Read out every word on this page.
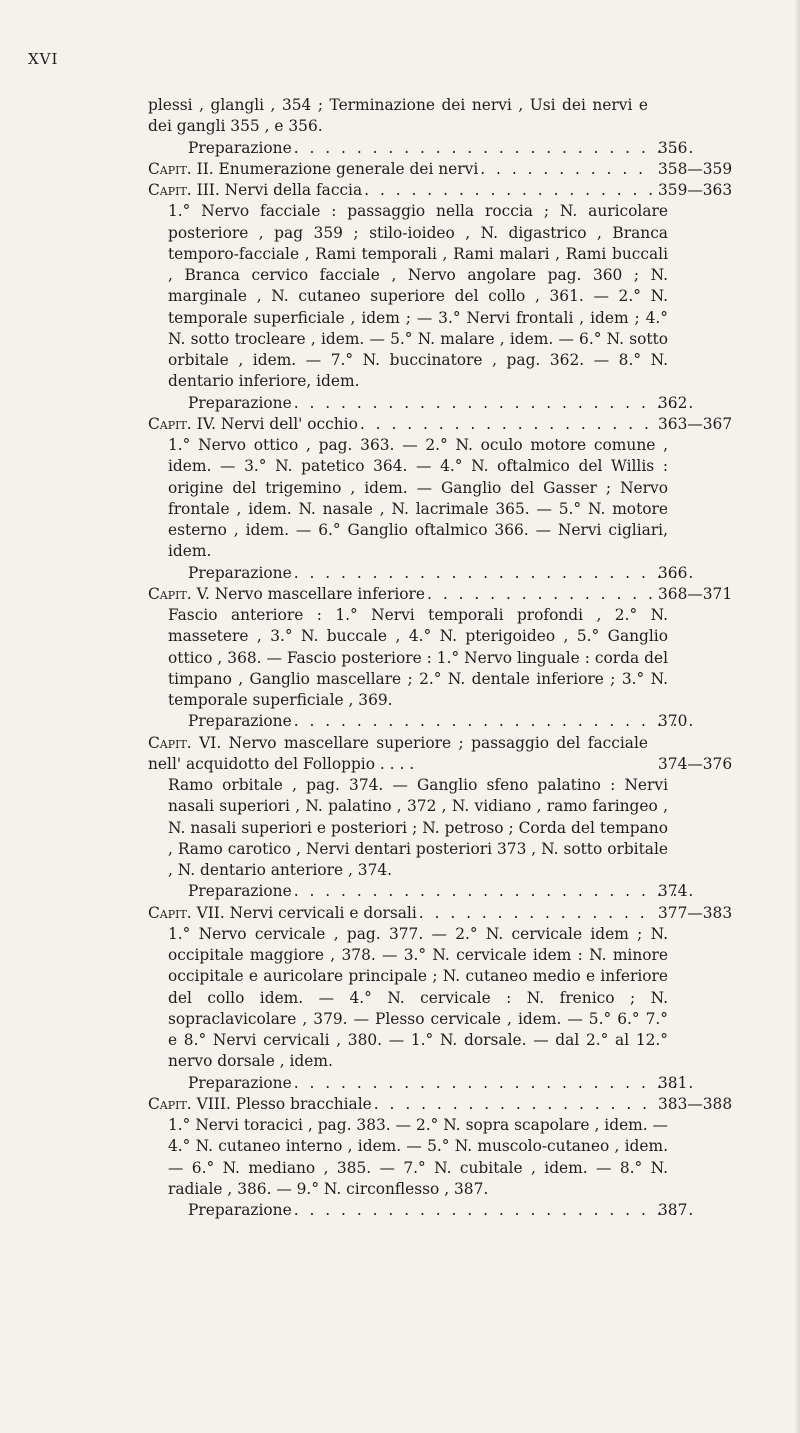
XVI
plessi , glangli , 354 ; Terminazione dei nervi , Usi dei nervi e dei gangli 355 , e 356.
Preparazione . . .	356
Capit. II. Enumerazione generale dei nervi . . .	358—359
Capit. III. Nervi della faccia . . .	359—363
1.° Nervo facciale : passaggio nella roccia ; N. auricolare posteriore , pag 359 ; stilo-ioideo , N. digastrico , Branca temporo-facciale , Rami temporali , Rami malari , Rami buccali , Branca cervico facciale , Nervo angolare pag. 360 ; N. marginale , N. cutaneo superiore del collo , 361. — 2.° N. temporale superficiale , idem ; — 3.° Nervi frontali , idem ; 4.° N. sotto trocleare , idem. — 5.° N. malare , idem. — 6.° N. sotto orbitale , idem. — 7.° N. buccinatore , pag. 362. — 8.° N. dentario inferiore, idem.
Preparazione . . .	362
Capit. IV. Nervi dell' occhio . . .	363—367
1.° Nervo ottico , pag. 363. — 2.° N. oculo motore comune , idem. — 3.° N. patetico 364. — 4.° N. oftalmico del Willis : origine del trigemino , idem. — Ganglio del Gasser ; Nervo frontale , idem. N. nasale , N. lacrimale 365. — 5.° N. motore esterno , idem. — 6.° Ganglio oftalmico 366. — Nervi cigliari, idem.
Preparazione . . .	366
Capit. V. Nervo mascellare inferiore . . .	368—371
Fascio anteriore : 1.° Nervi temporali profondi , 2.° N. massetere , 3.° N. buccale , 4.° N. pterigoideo , 5.° Ganglio ottico , 368. — Fascio posteriore : 1.° Nervo linguale : corda del timpano , Ganglio mascellare ; 2.° N. dentale inferiore ; 3.° N. temporale superficiale , 369.
Preparazione . . .	370
Capit. VI. Nervo mascellare superiore ; passaggio del facciale nell' acquidotto del Folloppio . . . .	374—376
Ramo orbitale , pag. 374. — Ganglio sfeno palatino : Nervi nasali superiori , N. palatino , 372 , N. vidiano , ramo faringeo , N. nasali superiori e posteriori ; N. petroso ; Corda del tempano , Ramo carotico , Nervi dentari posteriori 373 , N. sotto orbitale , N. dentario anteriore , 374.
Preparazione . . .	374
Capit. VII. Nervi cervicali e dorsali . . .	377—383
1.° Nervo cervicale , pag. 377. — 2.° N. cervicale idem ; N. occipitale maggiore , 378. — 3.° N. cervicale idem : N. minore occipitale e auricolare principale ; N. cutaneo medio e inferiore del collo idem. — 4.° N. cervicale : N. frenico ; N. sopraclavicolare , 379. — Plesso cervicale , idem. — 5.° 6.° 7.° e 8.° Nervi cervicali , 380. — 1.° N. dorsale. — dal 2.° al 12.° nervo dorsale , idem.
Preparazione . . .	381
Capit. VIII. Plesso bracchiale . . .	383—388
1.° Nervi toracici , pag. 383. — 2.° N. sopra scapolare , idem. — 4.° N. cutaneo interno , idem. — 5.° N. muscolo-cutaneo , idem. — 6.° N. mediano , 385. — 7.° N. cubitale , idem. — 8.° N. radiale , 386. — 9.° N. circonflesso , 387.
Preparazione . . .	387
